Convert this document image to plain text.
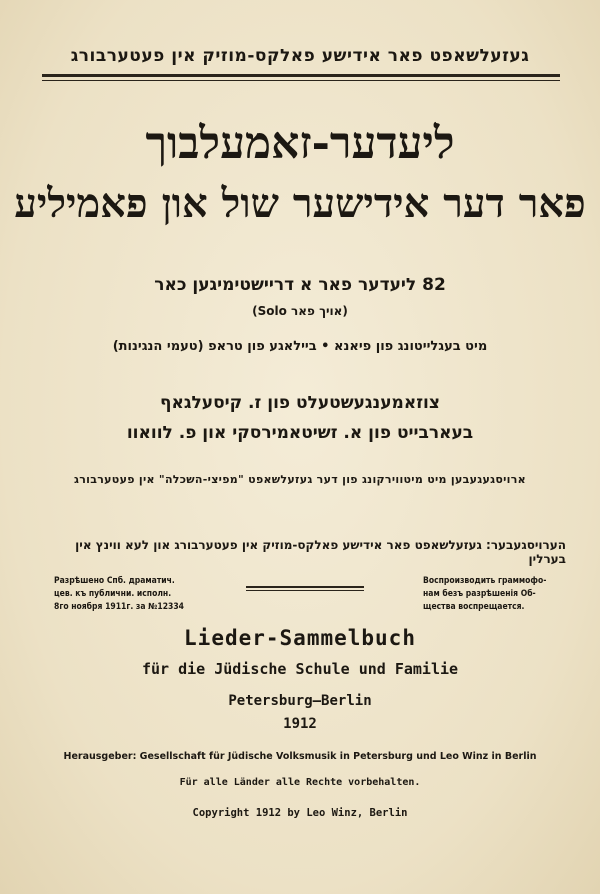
געזעלשאפט פאר אידישע פאלקס-מוזיק אין פעטערבורג
ליעדער-זאמעלבוך
פאר דער אידישער שול און פאמיליע
82 ליעדער פאר א דריישטימיגען כאר
(אויך פאר Solo)
מיט בעגלייטונג פון פיאנא • ביילאגע פון טראפ (טעמי הנגינות)
צוזאמענגעשטעלט פון ז. קיסעלגאף
בעארבייט פון א. זשיטאמירסקי און פ. לוואוו
ארויסגעגעבען מיט מיטווירקונג פון דער געזעלשאפט "מפיצי-השכלה" אין פעטערבורג
הערויסגעבער: געזעלשאפט פאר אידישע פאלקס-מוזיק אין פעטערבורג און לעא ווינץ אין בערלין
Разрѣшено Спб. драматич.
цев. къ публични. исполн.
8го ноября 1911г. за №12334
Воспроизводить граммофо-
нам безъ разрѣшенія Об-
щества воспрещается.
Lieder-Sammelbuch
für die Jüdische Schule und Familie
Petersburg—Berlin
1912
Herausgeber: Gesellschaft für Jüdische Volksmusik in Petersburg und Leo Winz in Berlin
Für alle Länder alle Rechte vorbehalten.
Copyright 1912 by Leo Winz, Berlin
